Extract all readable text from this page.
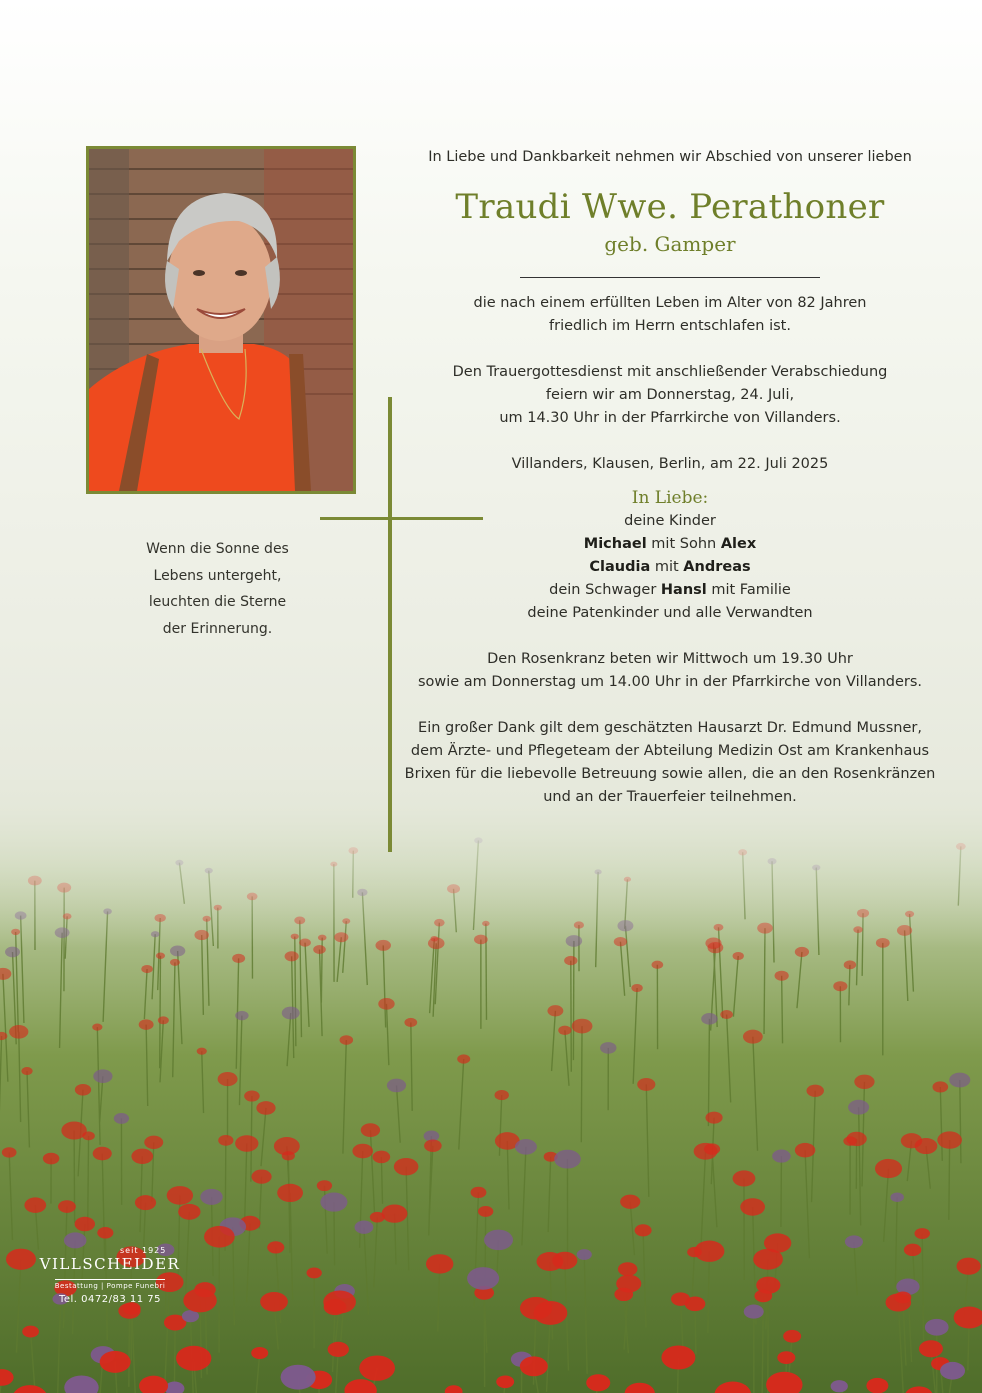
Wenn die Sonne des
Lebens untergeht,
leuchten die Sterne
der Erinnerung.
In Liebe und Dankbarkeit nehmen wir Abschied von unserer lieben
Traudi Wwe. Perathoner
geb. Gamper
die nach einem erfüllten Leben im Alter von 82 Jahren
friedlich im Herrn entschlafen ist.
Den Trauergottesdienst mit anschließender Verabschiedung
feiern wir am Donnerstag, 24. Juli,
um 14.30 Uhr in der Pfarrkirche von Villanders.
Villanders, Klausen, Berlin, am 22. Juli 2025
In Liebe:
deine Kinder
Michael mit Sohn Alex
Claudia mit Andreas
dein Schwager Hansl mit Familie
deine Patenkinder und alle Verwandten
Den Rosenkranz beten wir Mittwoch um 19.30 Uhr
sowie am Donnerstag um 14.00 Uhr in der Pfarrkirche von Villanders.
Ein großer Dank gilt dem geschätzten Hausarzt Dr. Edmund Mussner,
dem Ärzte- und Pflegeteam der Abteilung Medizin Ost am Krankenhaus
Brixen für die liebevolle Betreuung sowie allen, die an den Rosenkränzen
und an der Trauerfeier teilnehmen.
seit 1925
VILLSCHEIDER
Bestattung | Pompe Funebri
Tel. 0472/83 11 75
